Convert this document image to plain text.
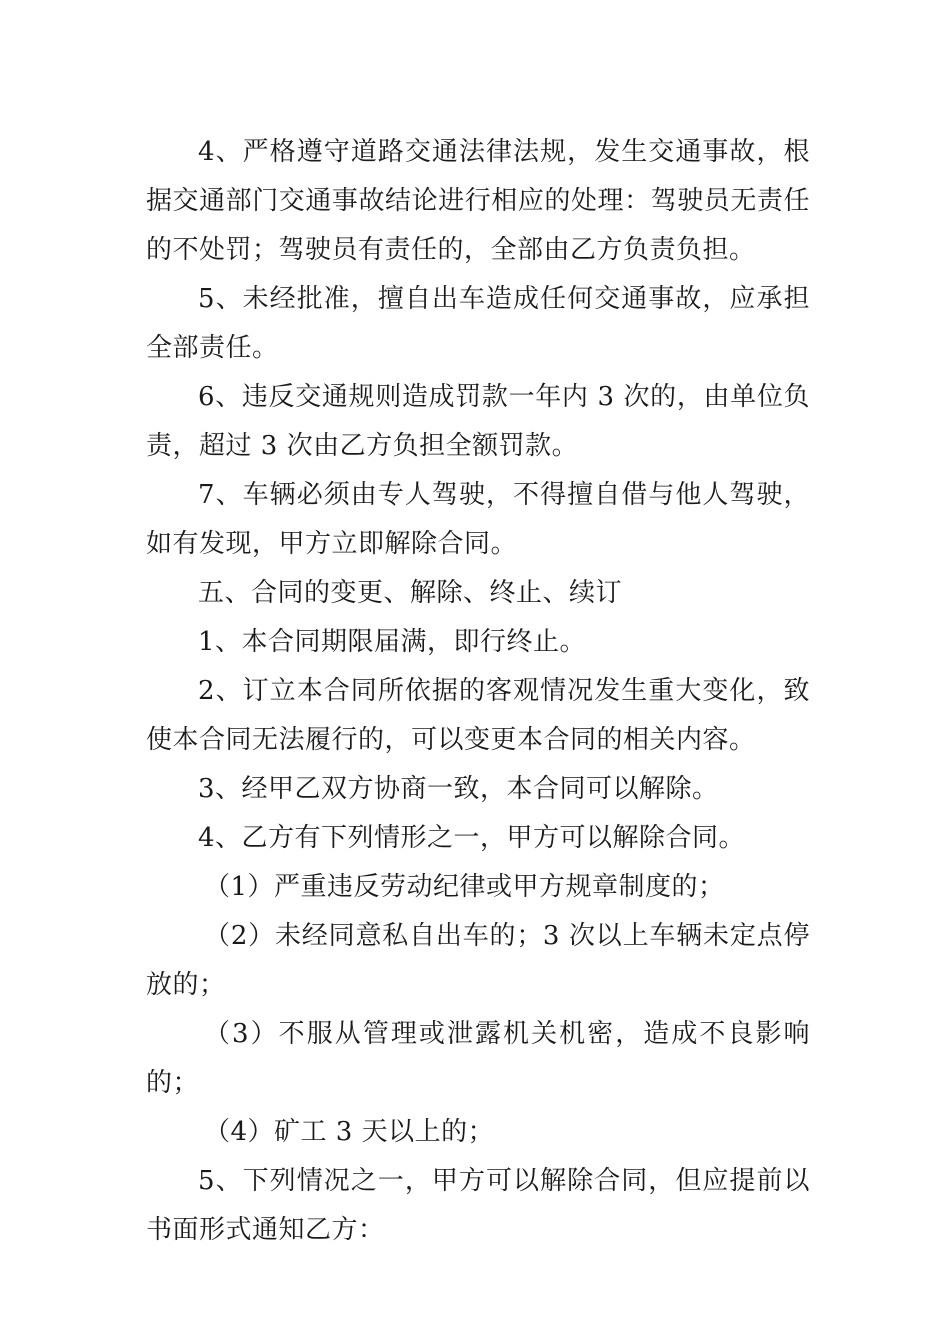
4、严格遵守道路交通法律法规，发生交通事故，根据交通部门交通事故结论进行相应的处理：驾驶员无责任的不处罚；驾驶员有责任的，全部由乙方负责负担。

5、未经批准，擅自出车造成任何交通事故，应承担全部责任。

6、违反交通规则造成罚款一年内 3 次的，由单位负责，超过 3 次由乙方负担全额罚款。

7、车辆必须由专人驾驶，不得擅自借与他人驾驶，如有发现，甲方立即解除合同。

五、合同的变更、解除、终止、续订

1、本合同期限届满，即行终止。

2、订立本合同所依据的客观情况发生重大变化，致使本合同无法履行的，可以变更本合同的相关内容。

3、经甲乙双方协商一致，本合同可以解除。

4、乙方有下列情形之一，甲方可以解除合同。

（1）严重违反劳动纪律或甲方规章制度的；

（2）未经同意私自出车的；3 次以上车辆未定点停放的；

（3）不服从管理或泄露机关机密，造成不良影响的；

（4）矿工 3 天以上的；

5、下列情况之一，甲方可以解除合同，但应提前以书面形式通知乙方：
